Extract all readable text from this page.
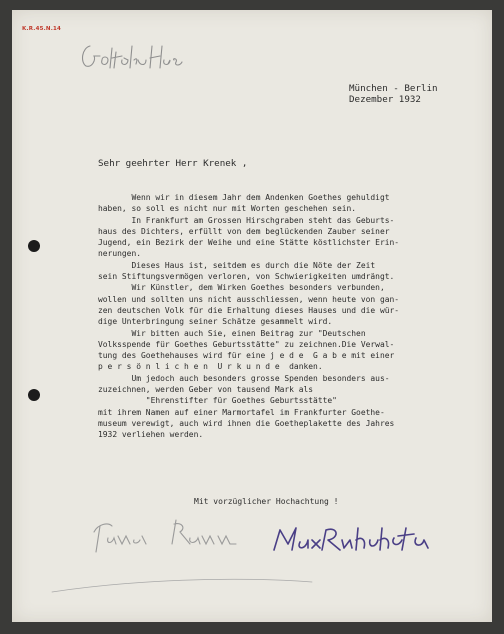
K.R.45.N.14
München - Berlin
Dezember 1932
Sehr geehrter Herr Krenek ,
Wenn wir in diesem Jahr dem Andenken Goethes gehuldigt
haben, so soll es nicht nur mit Worten geschehen sein.
In Frankfurt am Grossen Hirschgraben steht das Geburts-
haus des Dichters, erfüllt von dem beglückenden Zauber seiner
Jugend, ein Bezirk der Weihe und eine Stätte köstlichster Erin-
nerungen.
Dieses Haus ist, seitdem es durch die Nöte der Zeit
sein Stiftungsvermögen verloren, von Schwierigkeiten umdrängt.
Wir Künstler, dem Wirken Goethes besonders verbunden,
wollen und sollten uns nicht ausschliessen, wenn heute von gan-
zen deutschen Volk für die Erhaltung dieses Hauses und die wür-
dige Unterbringung seiner Schätze gesammelt wird.
Wir bitten auch Sie, einen Beitrag zur "Deutschen
Volksspende für Goethes Geburtsstätte" zu zeichnen.Die Verwal-
tung des Goethehauses wird für eine j e d e  G a b e mit einer
p e r s ö n l i c h e n  U r k u n d e  danken.
Um jedoch auch besonders grosse Spenden besonders aus-
zuzeichnen, werden Geber von tausend Mark als
"Ehrenstifter für Goethes Geburtsstätte"
mit ihrem Namen auf einer Marmortafel im Frankfurter Goethe-
museum verewigt, auch wird ihnen die Goetheplakette des Jahres
1932 verliehen werden.
Mit vorzüglicher Hochachtung !
